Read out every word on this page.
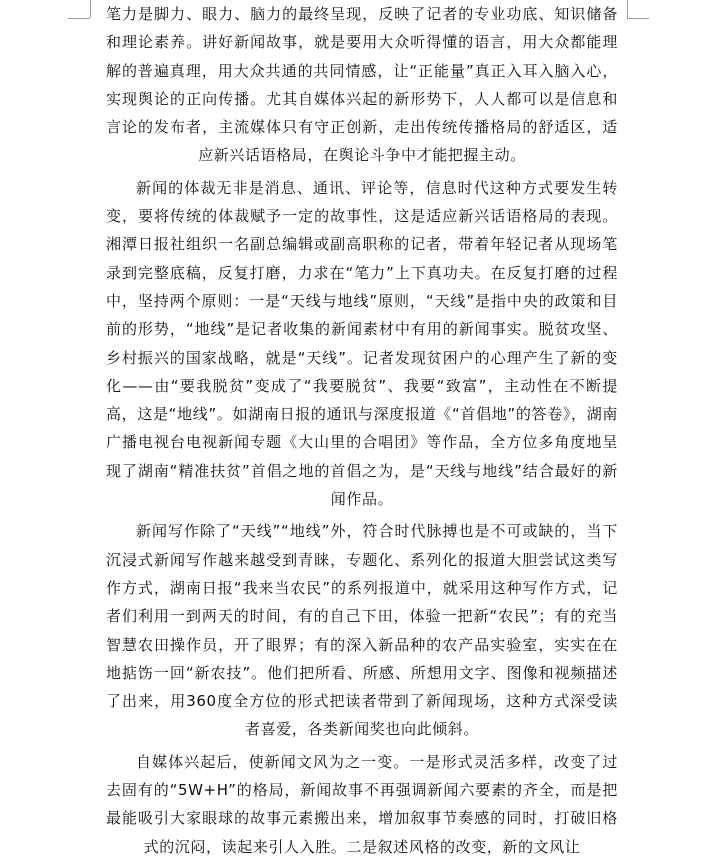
笔力是脚力、眼力、脑力的最终呈现，反映了记者的专业功底、知识储备和理论素养。讲好新闻故事，就是要用大众听得懂的语言，用大众都能理解的普遍真理，用大众共通的共同情感，让“正能量”真正入耳入脑入心，实现舆论的正向传播。尤其自媒体兴起的新形势下，人人都可以是信息和言论的发布者，主流媒体只有守正创新，走出传统传播格局的舒适区，适应新兴话语格局，在舆论斗争中才能把握主动。

新闻的体裁无非是消息、通讯、评论等，信息时代这种方式要发生转变，要将传统的体裁赋予一定的故事性，这是适应新兴话语格局的表现。湘潭日报社组织一名副总编辑或副高职称的记者，带着年轻记者从现场笔录到完整底稿，反复打磨，力求在“笔力”上下真功夫。在反复打磨的过程中，坚持两个原则：一是“天线与地线”原则，“天线”是指中央的政策和目前的形势，“地线”是记者收集的新闻素材中有用的新闻事实。脱贫攻坚、乡村振兴的国家战略，就是“天线”。记者发现贫困户的心理产生了新的变化——由“要我脱贫”变成了“我要脱贫”、我要“致富”，主动性在不断提高，这是“地线”。如湖南日报的通讯与深度报道《“首倡地”的答卷》，湖南广播电视台电视新闻专题《大山里的合唱团》等作品，全方位多角度地呈现了湖南“精准扶贫”首倡之地的首倡之为，是“天线与地线”结合最好的新闻作品。

新闻写作除了“天线”“地线”外，符合时代脉搏也是不可或缺的，当下沉浸式新闻写作越来越受到青睐，专题化、系列化的报道大胆尝试这类写作方式，湖南日报“我来当农民”的系列报道中，就采用这种写作方式，记者们利用一到两天的时间，有的自己下田，体验一把新“农民”；有的充当智慧农田操作员，开了眼界；有的深入新品种的农产品实验室，实实在在地掂饬一回“新农技”。他们把所看、所感、所想用文字、图像和视频描述了出来，用360度全方位的形式把读者带到了新闻现场，这种方式深受读者喜爱，各类新闻奖也向此倾斜。

自媒体兴起后，使新闻文风为之一变。一是形式灵活多样，改变了过去固有的“5W+H”的格局，新闻故事不再强调新闻六要素的齐全，而是把最能吸引大家眼球的故事元素搬出来，增加叙事节奏感的同时，打破旧格式的沉闷，读起来引人入胜。二是叙述风格的改变，新的文风让
